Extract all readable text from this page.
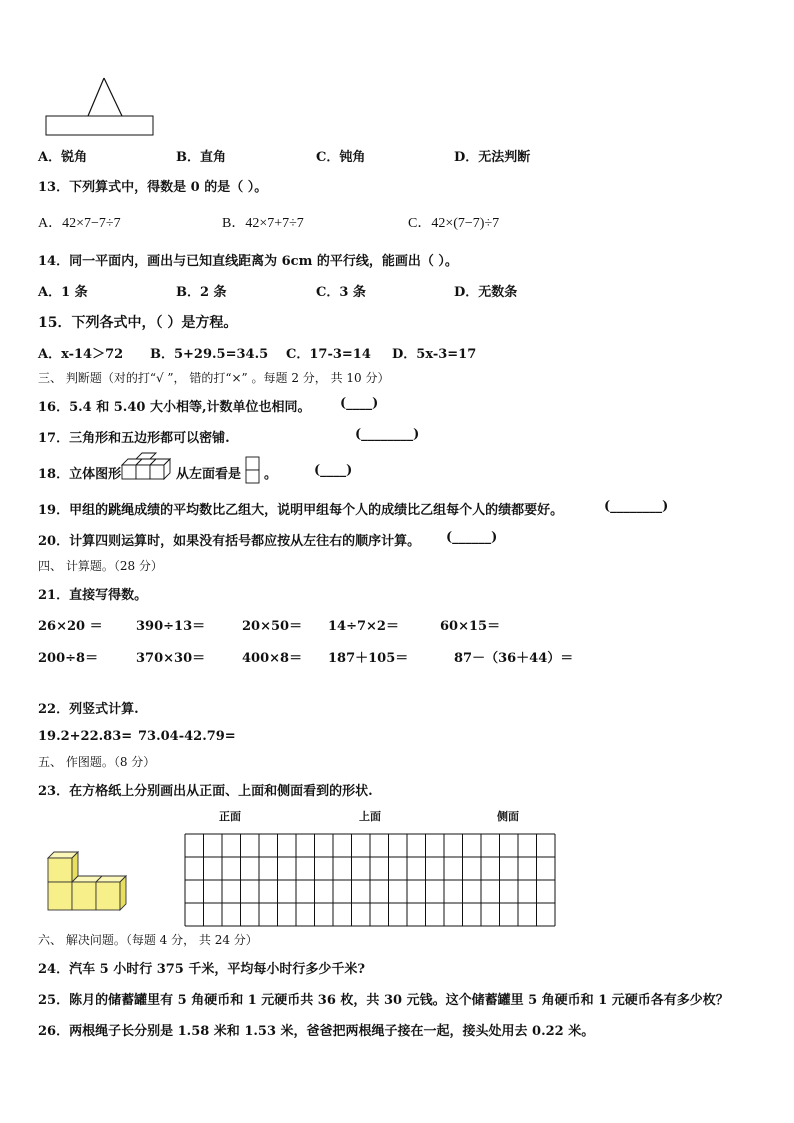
A．锐角	B．直角	C．钝角	D．无法判断
13．下列算式中，得数是 0 的是（ ）。
A．42×7−7÷7	B．42×7+7÷7	C．42×(7−7)÷7
14．同一平面内，画出与已知直线距离为 6cm 的平行线，能画出（ ）。
A．1 条	B．2 条	C．3 条	D．无数条
15．下列各式中，（ ）是方程。
A．x-14＞72 B．5+29.5=34.5 C．17-3=14 D．5x-3=17
三、 判断题（对的打“√ ”， 错的打“×” 。每题 2 分， 共 10 分）
16．5.4 和 5.40 大小相等,计数单位也相同。 (____)
17．三角形和五边形都可以密铺.	(________)
18．立体图形	从左面看是 。	(____)
19．甲组的跳绳成绩的平均数比乙组大，说明甲组每个人的成绩比乙组每个人的绩都要好。	(________)
20．计算四则运算时，如果没有括号都应按从左往右的顺序计算。 (______)
四、 计算题。（28 分）
21．直接写得数。
26×20 ＝	390÷13＝	20×50＝ 14÷7×2＝	60×15＝
200÷8＝	370×30＝	400×8＝ 187＋105＝	87－（36＋44）＝
22．列竖式计算.
19.2+22.83= 73.04-42.79=
五、 作图题。（8 分）
23．在方格纸上分别画出从正面、上面和侧面看到的形状.
正面	上面	侧面
六、 解决问题。（每题 4 分， 共 24 分）
24．汽车 5 小时行 375 千米，平均每小时行多少千米?
25．陈月的储蓄罐里有 5 角硬币和 1 元硬币共 36 枚，共 30 元钱。这个储蓄罐里 5 角硬币和 1 元硬币各有多少枚？
26．两根绳子长分别是 1.58 米和 1.53 米，爸爸把两根绳子接在一起，接头处用去 0.22 米。
